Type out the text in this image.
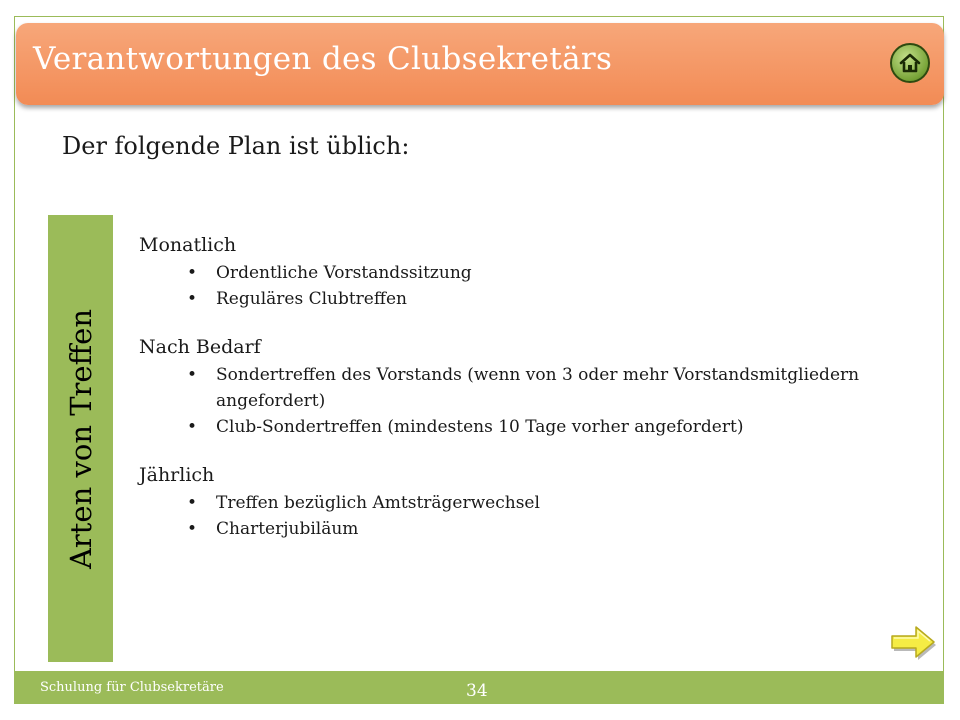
Verantwortungen des Clubsekretärs
Der folgende Plan ist üblich:
Arten von Treffen
Monatlich
• Ordentliche Vorstandssitzung
• Reguläres Clubtreffen
Nach Bedarf
• Sondertreffen des Vorstands (wenn von 3 oder mehr Vorstandsmitgliedern angefordert)
• Club-Sondertreffen (mindestens 10 Tage vorher angefordert)
Jährlich
• Treffen bezüglich Amtsträgerwechsel
• Charterjubiläum
Schulung für Clubsekretäre	34
